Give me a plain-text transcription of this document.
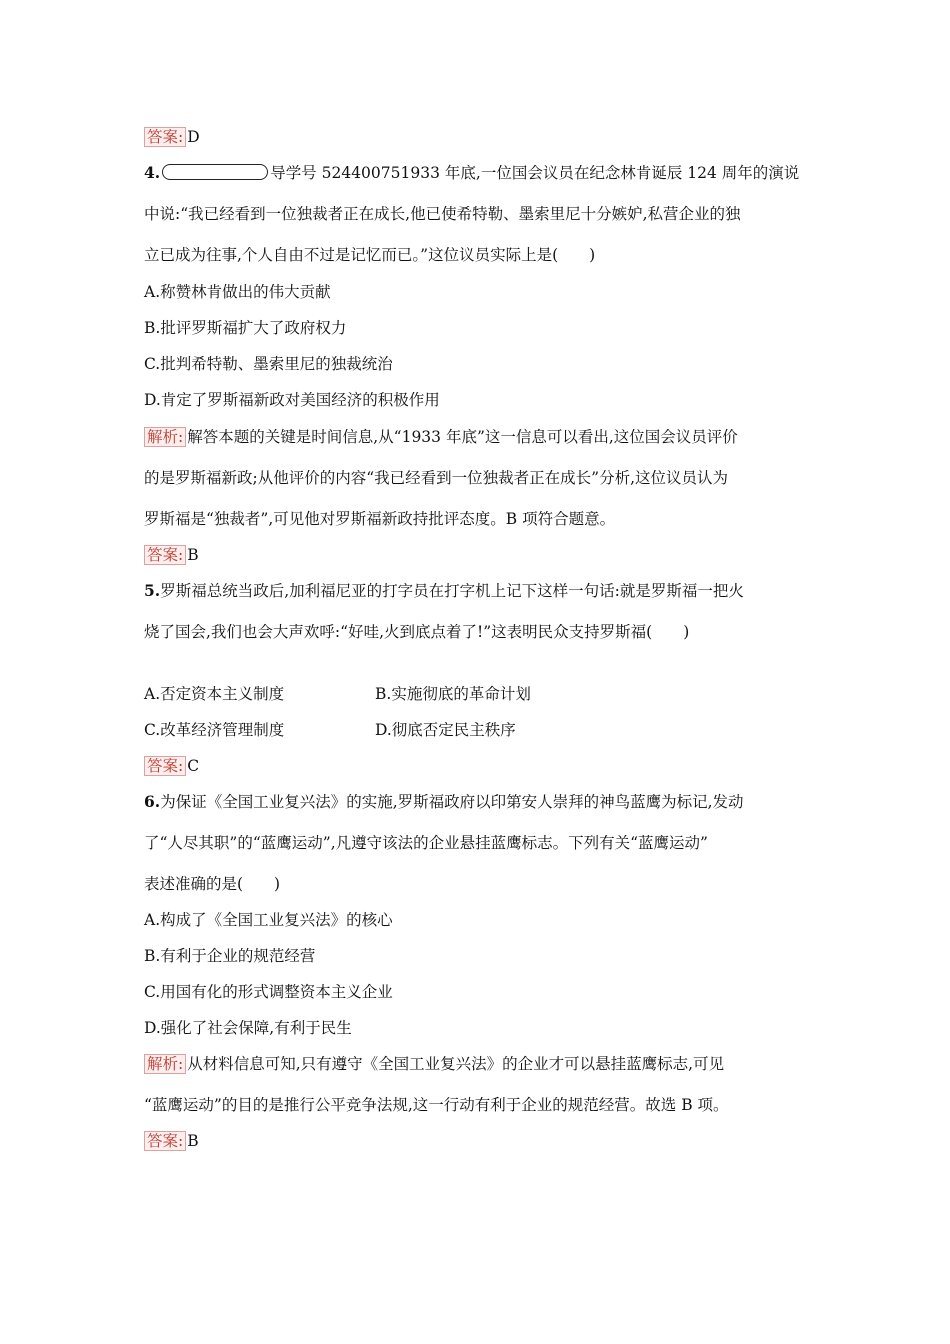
答案: D
4.	导学号 524400751933 年底,一位国会议员在纪念林肯诞辰 124 周年的演说
中说:“我已经看到一位独裁者正在成长,他已使希特勒、墨索里尼十分嫉妒,私营企业的独
立已成为往事,个人自由不过是记忆而已。”这位议员实际上是(　　)
A.称赞林肯做出的伟大贡献
B.批评罗斯福扩大了政府权力
C.批判希特勒、墨索里尼的独裁统治
D.肯定了罗斯福新政对美国经济的积极作用
解析: 解答本题的关键是时间信息,从“1933 年底”这一信息可以看出,这位国会议员评价
的是罗斯福新政;从他评价的内容“我已经看到一位独裁者正在成长”分析,这位议员认为
罗斯福是“独裁者”,可见他对罗斯福新政持批评态度。B 项符合题意。
答案: B
5.罗斯福总统当政后,加利福尼亚的打字员在打字机上记下这样一句话:就是罗斯福一把火
烧了国会,我们也会大声欢呼:“好哇,火到底点着了!”这表明民众支持罗斯福(　　)
A.否定资本主义制度	B.实施彻底的革命计划
C.改革经济管理制度	D.彻底否定民主秩序
答案: C
6.为保证《全国工业复兴法》的实施,罗斯福政府以印第安人崇拜的神鸟蓝鹰为标记,发动
了“人尽其职”的“蓝鹰运动”,凡遵守该法的企业悬挂蓝鹰标志。下列有关“蓝鹰运动”
表述准确的是(　　)
A.构成了《全国工业复兴法》的核心
B.有利于企业的规范经营
C.用国有化的形式调整资本主义企业
D.强化了社会保障,有利于民生
解析: 从材料信息可知,只有遵守《全国工业复兴法》的企业才可以悬挂蓝鹰标志,可见
“蓝鹰运动”的目的是推行公平竞争法规,这一行动有利于企业的规范经营。故选 B 项。
答案: B
